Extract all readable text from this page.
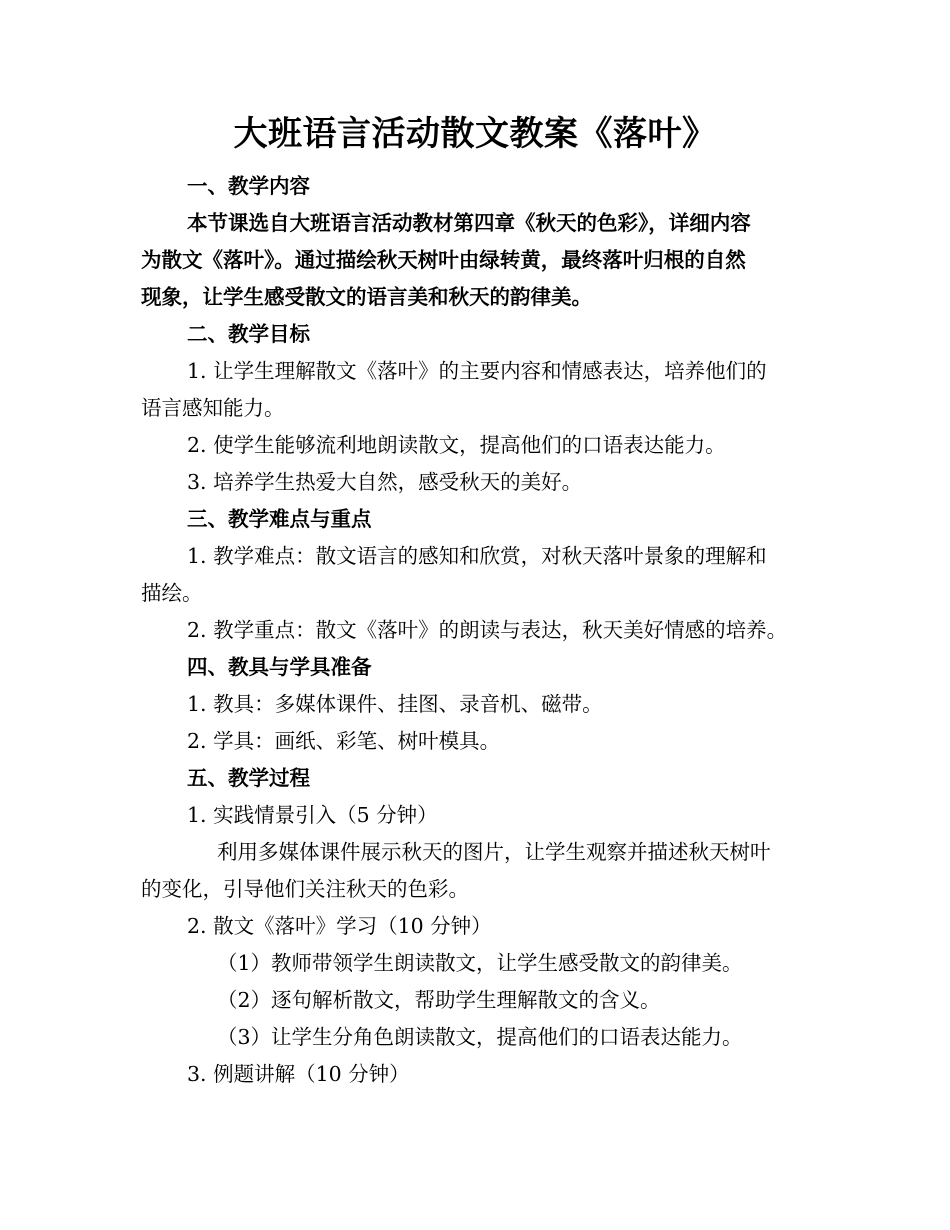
大班语言活动散文教案《落叶》
一、教学内容
本节课选自大班语言活动教材第四章《秋天的色彩》，详细内容
为散文《落叶》。通过描绘秋天树叶由绿转黄，最终落叶归根的自然
现象，让学生感受散文的语言美和秋天的韵律美。
二、教学目标
1. 让学生理解散文《落叶》的主要内容和情感表达，培养他们的
语言感知能力。
2. 使学生能够流利地朗读散文，提高他们的口语表达能力。
3. 培养学生热爱大自然，感受秋天的美好。
三、教学难点与重点
1. 教学难点：散文语言的感知和欣赏，对秋天落叶景象的理解和
描绘。
2. 教学重点：散文《落叶》的朗读与表达，秋天美好情感的培养。
四、教具与学具准备
1. 教具：多媒体课件、挂图、录音机、磁带。
2. 学具：画纸、彩笔、树叶模具。
五、教学过程
1. 实践情景引入（5 分钟）
利用多媒体课件展示秋天的图片，让学生观察并描述秋天树叶
的变化，引导他们关注秋天的色彩。
2. 散文《落叶》学习（10 分钟）
（1）教师带领学生朗读散文，让学生感受散文的韵律美。
（2）逐句解析散文，帮助学生理解散文的含义。
（3）让学生分角色朗读散文，提高他们的口语表达能力。
3. 例题讲解（10 分钟）
